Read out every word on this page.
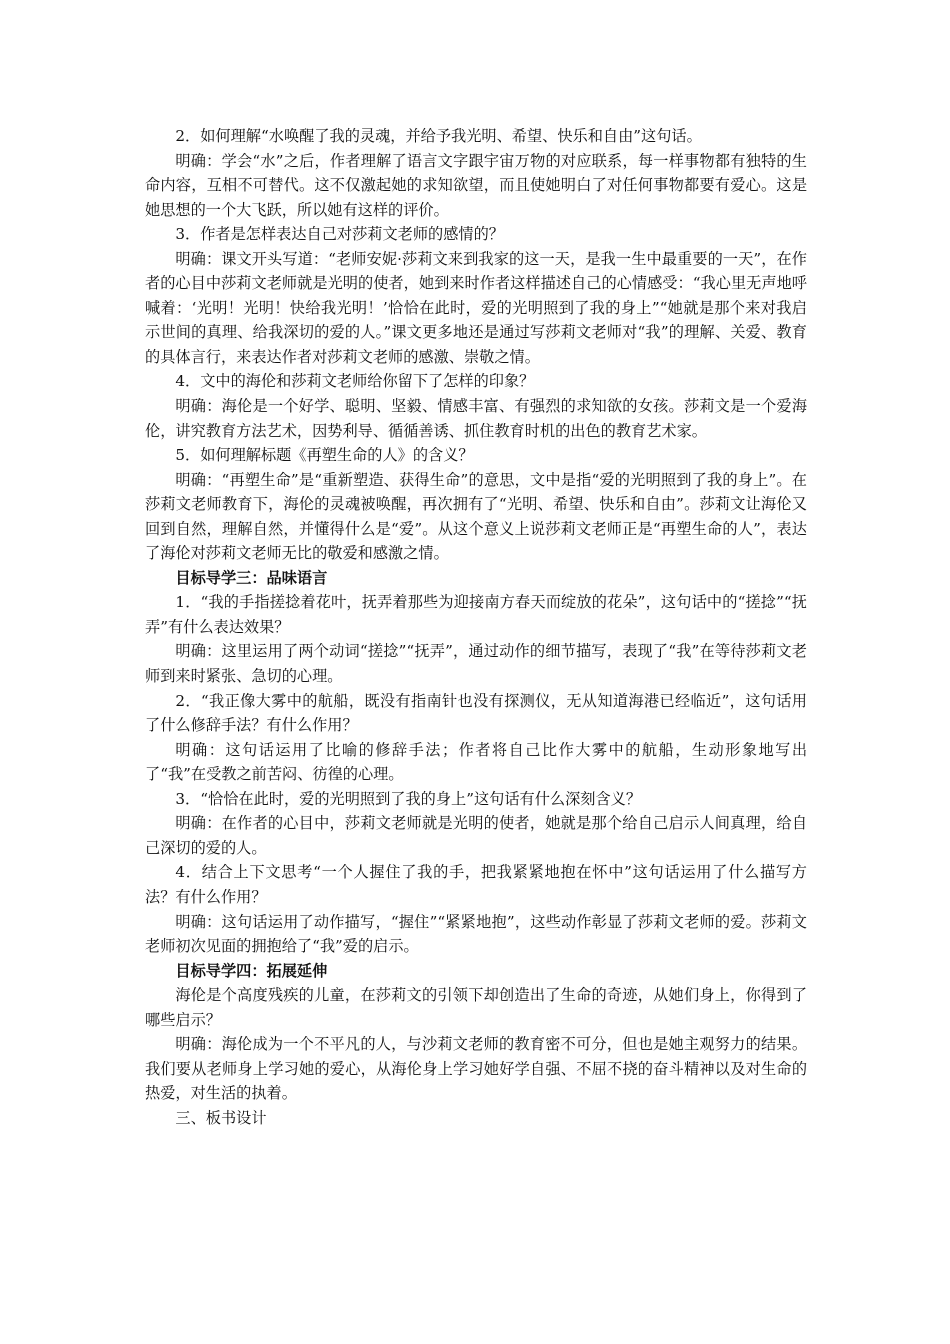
2．如何理解“水唤醒了我的灵魂，并给予我光明、希望、快乐和自由”这句话。

明确：学会“水”之后，作者理解了语言文字跟宇宙万物的对应联系，每一样事物都有独特的生命内容，互相不可替代。这不仅激起她的求知欲望，而且使她明白了对任何事物都要有爱心。这是她思想的一个大飞跃，所以她有这样的评价。

3．作者是怎样表达自己对莎莉文老师的感情的？

明确：课文开头写道：“老师安妮·莎莉文来到我家的这一天，是我一生中最重要的一天”，在作者的心目中莎莉文老师就是光明的使者，她到来时作者这样描述自己的心情感受：“我心里无声地呼喊着：‘光明！光明！快给我光明！’恰恰在此时，爱的光明照到了我的身上”“她就是那个来对我启示世间的真理、给我深切的爱的人。”课文更多地还是通过写莎莉文老师对“我”的理解、关爱、教育的具体言行，来表达作者对莎莉文老师的感激、崇敬之情。

4．文中的海伦和莎莉文老师给你留下了怎样的印象？

明确：海伦是一个好学、聪明、坚毅、情感丰富、有强烈的求知欲的女孩。莎莉文是一个爱海伦，讲究教育方法艺术，因势利导、循循善诱、抓住教育时机的出色的教育艺术家。

5．如何理解标题《再塑生命的人》的含义？

明确：“再塑生命”是“重新塑造、获得生命”的意思，文中是指“爱的光明照到了我的身上”。在莎莉文老师教育下，海伦的灵魂被唤醒，再次拥有了“光明、希望、快乐和自由”。莎莉文让海伦又回到自然，理解自然，并懂得什么是“爱”。从这个意义上说莎莉文老师正是“再塑生命的人”，表达了海伦对莎莉文老师无比的敬爱和感激之情。

目标导学三：品味语言

1．“我的手指搓捻着花叶，抚弄着那些为迎接南方春天而绽放的花朵”，这句话中的“搓捻”“抚弄”有什么表达效果？

明确：这里运用了两个动词“搓捻”“抚弄”，通过动作的细节描写，表现了“我”在等待莎莉文老师到来时紧张、急切的心理。

2．“我正像大雾中的航船，既没有指南针也没有探测仪，无从知道海港已经临近”，这句话用了什么修辞手法？有什么作用？

明确：这句话运用了比喻的修辞手法；作者将自己比作大雾中的航船，生动形象地写出了“我”在受教之前苦闷、彷徨的心理。

3．“恰恰在此时，爱的光明照到了我的身上”这句话有什么深刻含义？

明确：在作者的心目中，莎莉文老师就是光明的使者，她就是那个给自己启示人间真理，给自己深切的爱的人。

4．结合上下文思考“一个人握住了我的手，把我紧紧地抱在怀中”这句话运用了什么描写方法？有什么作用？

明确：这句话运用了动作描写，“握住”“紧紧地抱”，这些动作彰显了莎莉文老师的爱。莎莉文老师初次见面的拥抱给了“我”爱的启示。

目标导学四：拓展延伸

海伦是个高度残疾的儿童，在莎莉文的引领下却创造出了生命的奇迹，从她们身上，你得到了哪些启示？

明确：海伦成为一个不平凡的人，与沙莉文老师的教育密不可分，但也是她主观努力的结果。我们要从老师身上学习她的爱心，从海伦身上学习她好学自强、不屈不挠的奋斗精神以及对生命的热爱，对生活的执着。

三、板书设计
